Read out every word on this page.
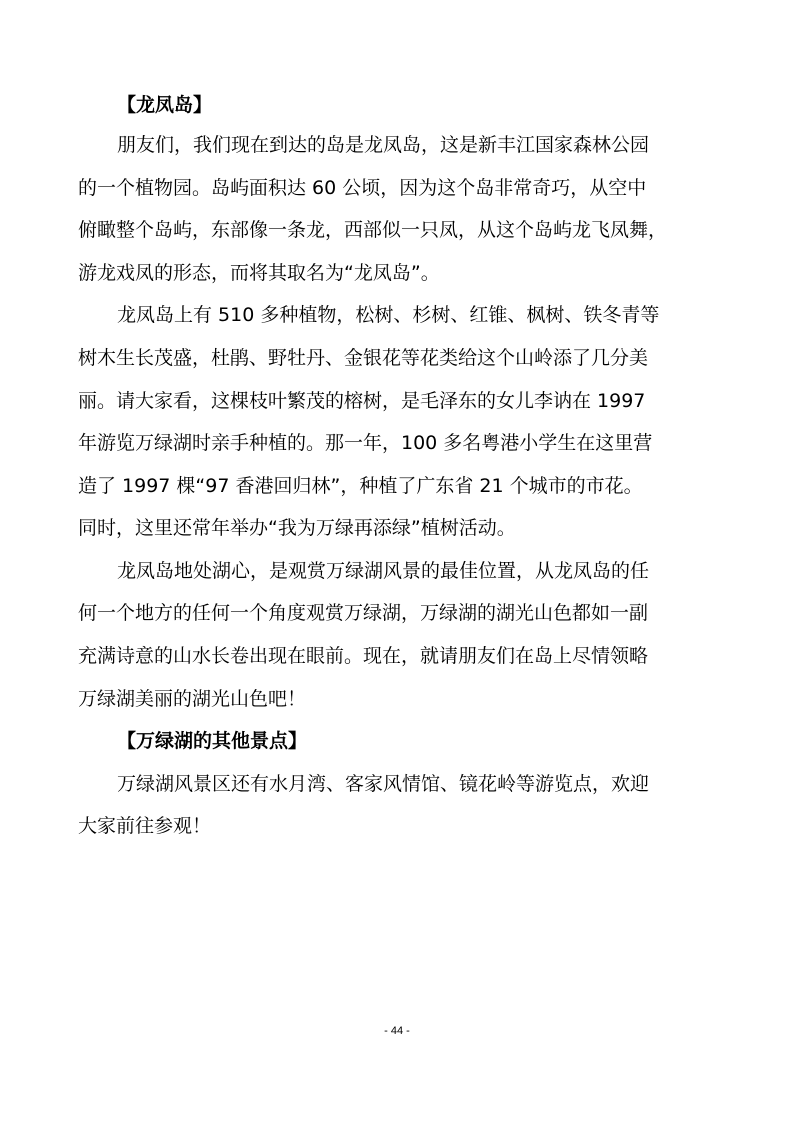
【龙凤岛】
朋友们，我们现在到达的岛是龙凤岛，这是新丰江国家森林公园
的一个植物园。岛屿面积达 60 公顷，因为这个岛非常奇巧，从空中
俯瞰整个岛屿，东部像一条龙，西部似一只凤，从这个岛屿龙飞凤舞，
游龙戏凤的形态，而将其取名为“龙凤岛”。
龙凤岛上有 510 多种植物，松树、杉树、红锥、枫树、铁冬青等
树木生长茂盛，杜鹃、野牡丹、金银花等花类给这个山岭添了几分美
丽。请大家看，这棵枝叶繁茂的榕树，是毛泽东的女儿李讷在 1997
年游览万绿湖时亲手种植的。那一年，100 多名粤港小学生在这里营
造了 1997 棵“97 香港回归林”，种植了广东省 21 个城市的市花。
同时，这里还常年举办“我为万绿再添绿”植树活动。
龙凤岛地处湖心，是观赏万绿湖风景的最佳位置，从龙凤岛的任
何一个地方的任何一个角度观赏万绿湖，万绿湖的湖光山色都如一副
充满诗意的山水长卷出现在眼前。现在，就请朋友们在岛上尽情领略
万绿湖美丽的湖光山色吧！
【万绿湖的其他景点】
万绿湖风景区还有水月湾、客家风情馆、镜花岭等游览点，欢迎
大家前往参观！
- 44 -
